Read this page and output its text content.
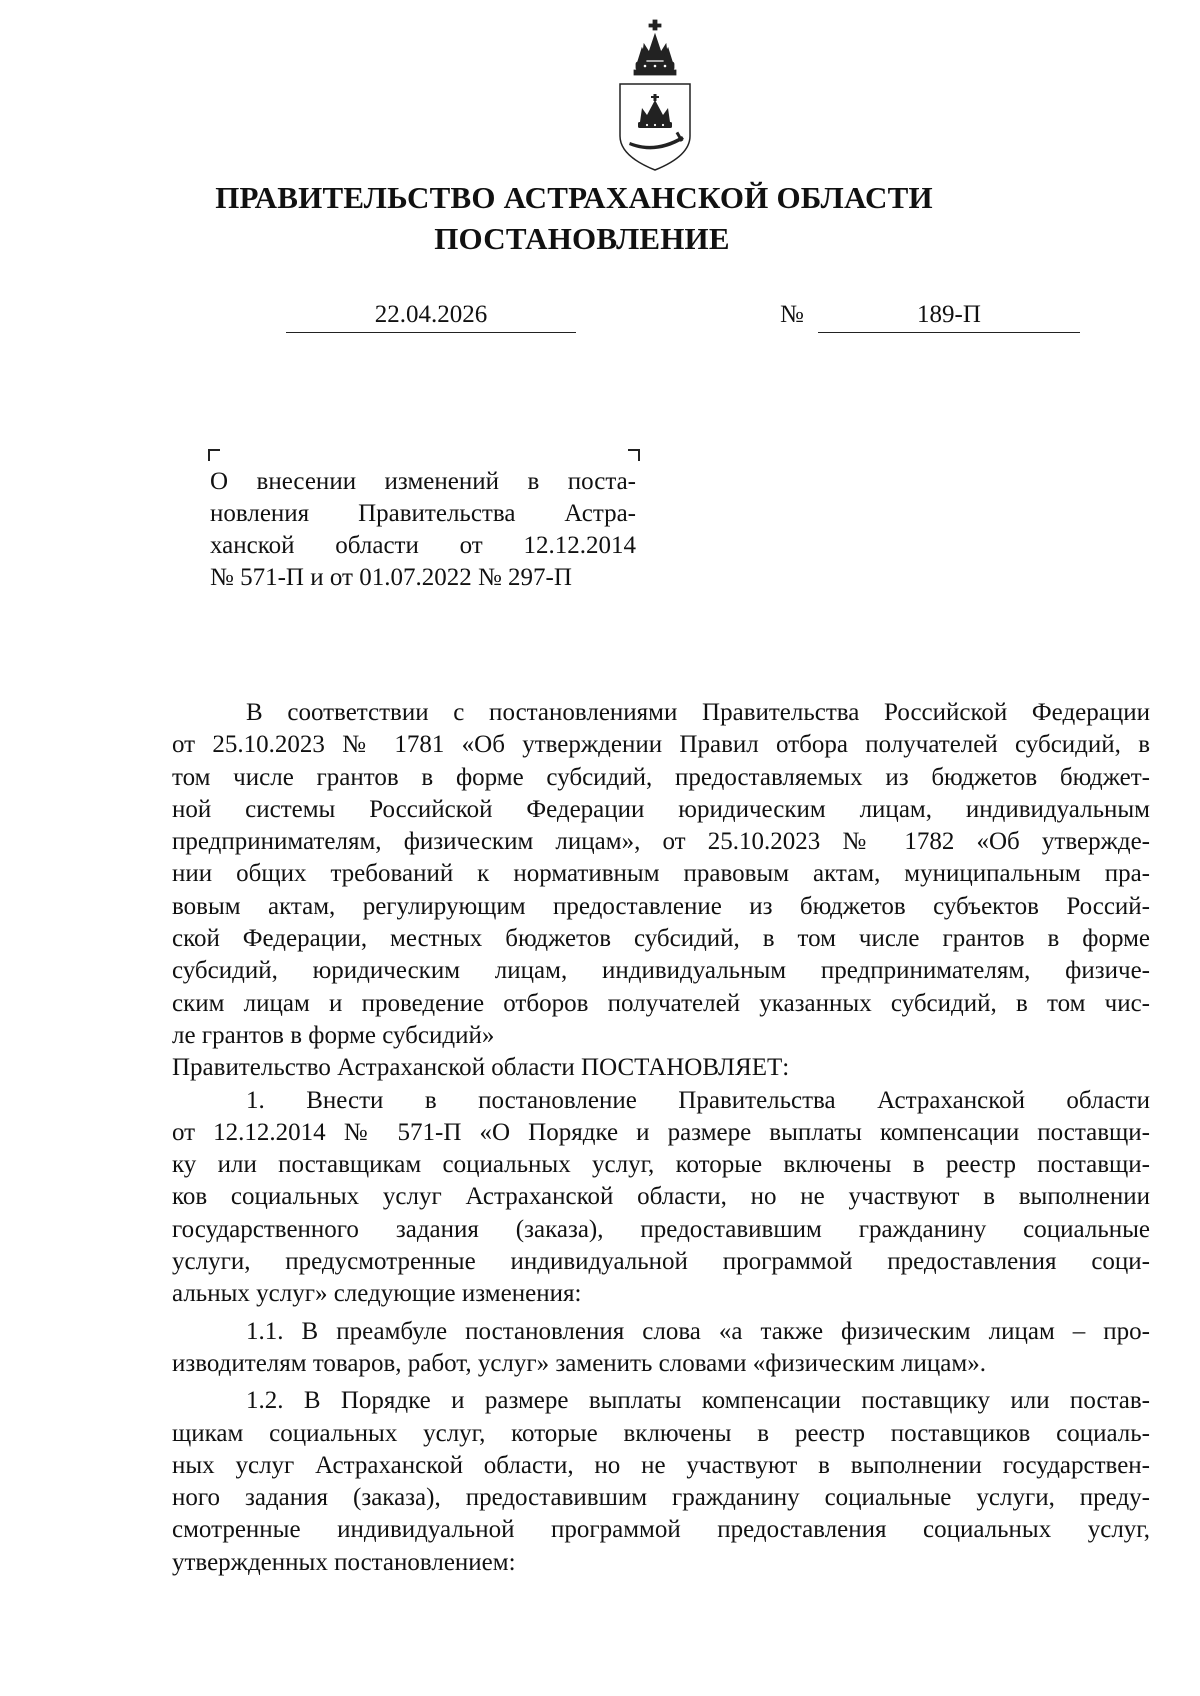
ПРАВИТЕЛЬСТВО АСТРАХАНСКОЙ ОБЛАСТИ
ПОСТАНОВЛЕНИЕ
22.04.2026	№	189-П
О внесении изменений в поста-
новления Правительства Астра-
ханской области от 12.12.2014
№ 571-П и от 01.07.2022 № 297-П
В соответствии с постановлениями Правительства Российской Федерации
от 25.10.2023 № 1781 «Об утверждении Правил отбора получателей субсидий, в
том числе грантов в форме субсидий, предоставляемых из бюджетов бюджет-
ной системы Российской Федерации юридическим лицам, индивидуальным
предпринимателям, физическим лицам», от 25.10.2023 № 1782 «Об утвержде-
нии общих требований к нормативным правовым актам, муниципальным пра-
вовым актам, регулирующим предоставление из бюджетов субъектов Россий-
ской Федерации, местных бюджетов субсидий, в том числе грантов в форме
субсидий, юридическим лицам, индивидуальным предпринимателям, физиче-
ским лицам и проведение отборов получателей указанных субсидий, в том чис-
ле грантов в форме субсидий»
Правительство Астраханской области ПОСТАНОВЛЯЕТ:
1. Внести в постановление Правительства Астраханской области
от 12.12.2014 № 571-П «О Порядке и размере выплаты компенсации поставщи-
ку или поставщикам социальных услуг, которые включены в реестр поставщи-
ков социальных услуг Астраханской области, но не участвуют в выполнении
государственного задания (заказа), предоставившим гражданину социальные
услуги, предусмотренные индивидуальной программой предоставления соци-
альных услуг» следующие изменения:
1.1. В преамбуле постановления слова «а также физическим лицам – про-
изводителям товаров, работ, услуг» заменить словами «физическим лицам».
1.2. В Порядке и размере выплаты компенсации поставщику или постав-
щикам социальных услуг, которые включены в реестр поставщиков социаль-
ных услуг Астраханской области, но не участвуют в выполнении государствен-
ного задания (заказа), предоставившим гражданину социальные услуги, преду-
смотренные индивидуальной программой предоставления социальных услуг,
утвержденных постановлением:
